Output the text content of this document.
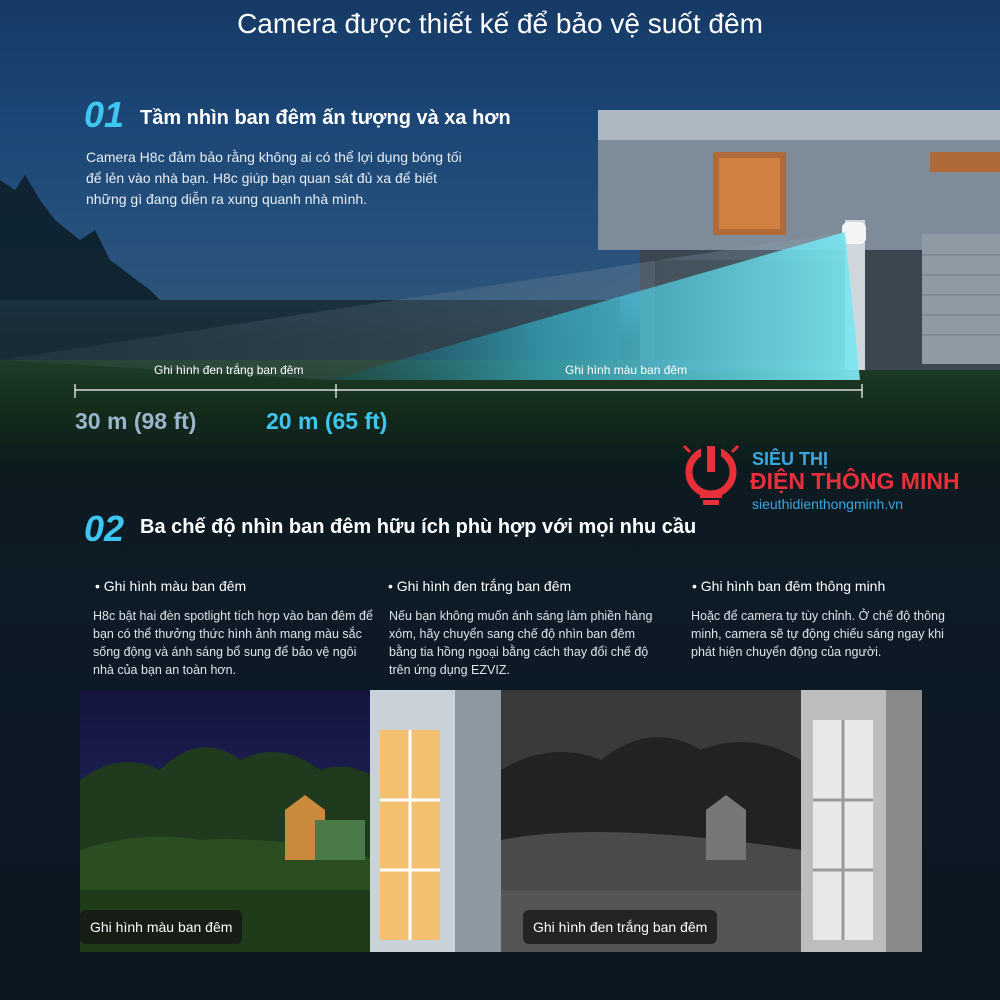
Camera được thiết kế để bảo vệ suốt đêm
01 Tầm nhìn ban đêm ấn tượng và xa hơn
Camera H8c đảm bảo rằng không ai có thể lợi dụng bóng tối để lẻn vào nhà bạn. H8c giúp bạn quan sát đủ xa để biết những gì đang diễn ra xung quanh nhà mình.
Ghi hình đen trắng ban đêm	Ghi hình màu ban đêm
30 m (98 ft)	20 m (65 ft)
SIÊU THỊ
ĐIỆN THÔNG MINH
sieuthidienthongminh.vn
02 Ba chế độ nhìn ban đêm hữu ích phù hợp với mọi nhu cầu
• Ghi hình màu ban đêm
H8c bật hai đèn spotlight tích hợp vào ban đêm để bạn có thể thưởng thức hình ảnh mang màu sắc sống động và ánh sáng bổ sung để bảo vệ ngôi nhà của bạn an toàn hơn.
• Ghi hình đen trắng ban đêm
Nếu bạn không muốn ánh sáng làm phiền hàng xóm, hãy chuyển sang chế độ nhìn ban đêm bằng tia hồng ngoại bằng cách thay đổi chế độ trên ứng dụng EZVIZ.
• Ghi hình ban đêm thông minh
Hoặc để camera tự tùy chỉnh. Ở chế độ thông minh, camera sẽ tự động chiếu sáng ngay khi phát hiện chuyển động của người.
Ghi hình màu ban đêm	Ghi hình đen trắng ban đêm
